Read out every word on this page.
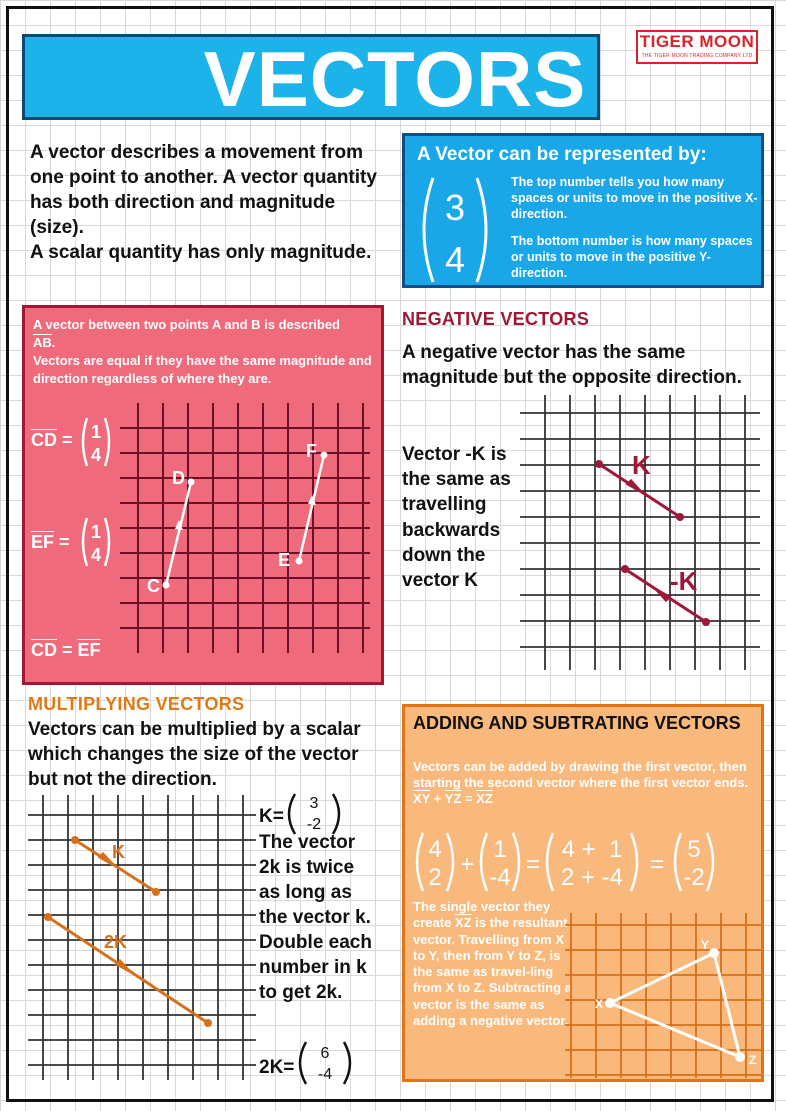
VECTORS	TIGER MOON
THE TIGER MOON TRADING COMPANY LTD

A vector describes a movement from one point to another. A vector quantity has both direction and magnitude (size).

A scalar quantity has only magnitude.

A Vector can be represented by:
3
4
The top number tells you how many spaces or units to move in the positive X-direction.
The bottom number is how many spaces or units to move in the positive Y-direction.
A vector between two points A and B is described
$\overline{AB}$.
Vectors are equal if they have the same magnitude and direction regardless of where they are.
1
4
1
4
$\overline{CD}$ =
$\overline{EF}$ =
$\overline{CD} = \overline{EF}$
C
D
E
F
NEGATIVE VECTORS
A negative vector has the same magnitude but the opposite direction.
Vector -K is the same as travelling backwards down the vector K
K
-K
MULTIPLYING VECTORS
Vectors can be multiplied by a scalar which changes the size of the vector but not the direction.
K
2K
K=
3
-2
The vector 2k is twice as long as the vector k. Double each number in k to get 2k.
2K=
6
-4
ADDING AND SUBTRATING VECTORS
Vectors can be added by drawing the first vector, then starting the second vector where the first vector ends.
$\overline{XY} + \overline{YZ} = \overline{XZ}$
4
2 +
1
-4 =
4 +  1
2 + -4 =
5
-2
The single vector they create $\overline{XZ}$ is the resultant vector. Travelling from X to Y, then from Y to Z, is the same as travel-ling from X to Z. Subtracting a vector is the same as adding a negative vector.
X
Y
Z
